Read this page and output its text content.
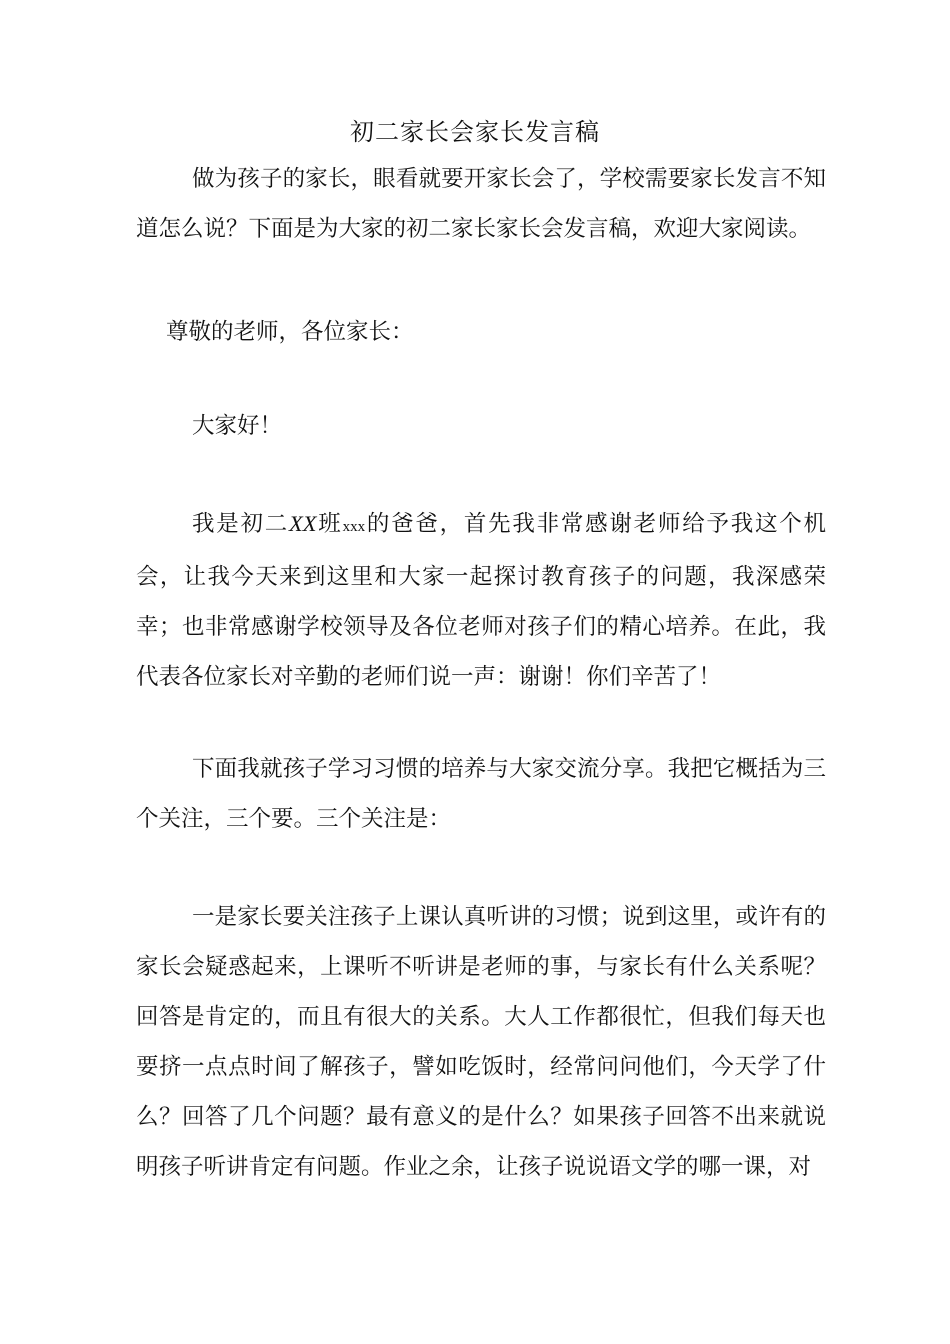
初二家长会家长发言稿

做为孩子的家长，眼看就要开家长会了，学校需要家长发言不知道怎么说？下面是为大家的初二家长家长会发言稿，欢迎大家阅读。

尊敬的老师，各位家长：

大家好！

我是初二XX班xxx的爸爸，首先我非常感谢老师给予我这个机会，让我今天来到这里和大家一起探讨教育孩子的问题，我深感荣幸；也非常感谢学校领导及各位老师对孩子们的精心培养。在此，我代表各位家长对辛勤的老师们说一声：谢谢！你们辛苦了！

下面我就孩子学习习惯的培养与大家交流分享。我把它概括为三个关注，三个要。三个关注是：

一是家长要关注孩子上课认真听讲的习惯；说到这里，或许有的家长会疑惑起来，上课听不听讲是老师的事，与家长有什么关系呢？回答是肯定的，而且有很大的关系。大人工作都很忙，但我们每天也要挤一点点时间了解孩子，譬如吃饭时，经常问问他们，今天学了什么？回答了几个问题？最有意义的是什么？如果孩子回答不出来就说明孩子听讲肯定有问题。作业之余，让孩子说说语文学的哪一课，对
